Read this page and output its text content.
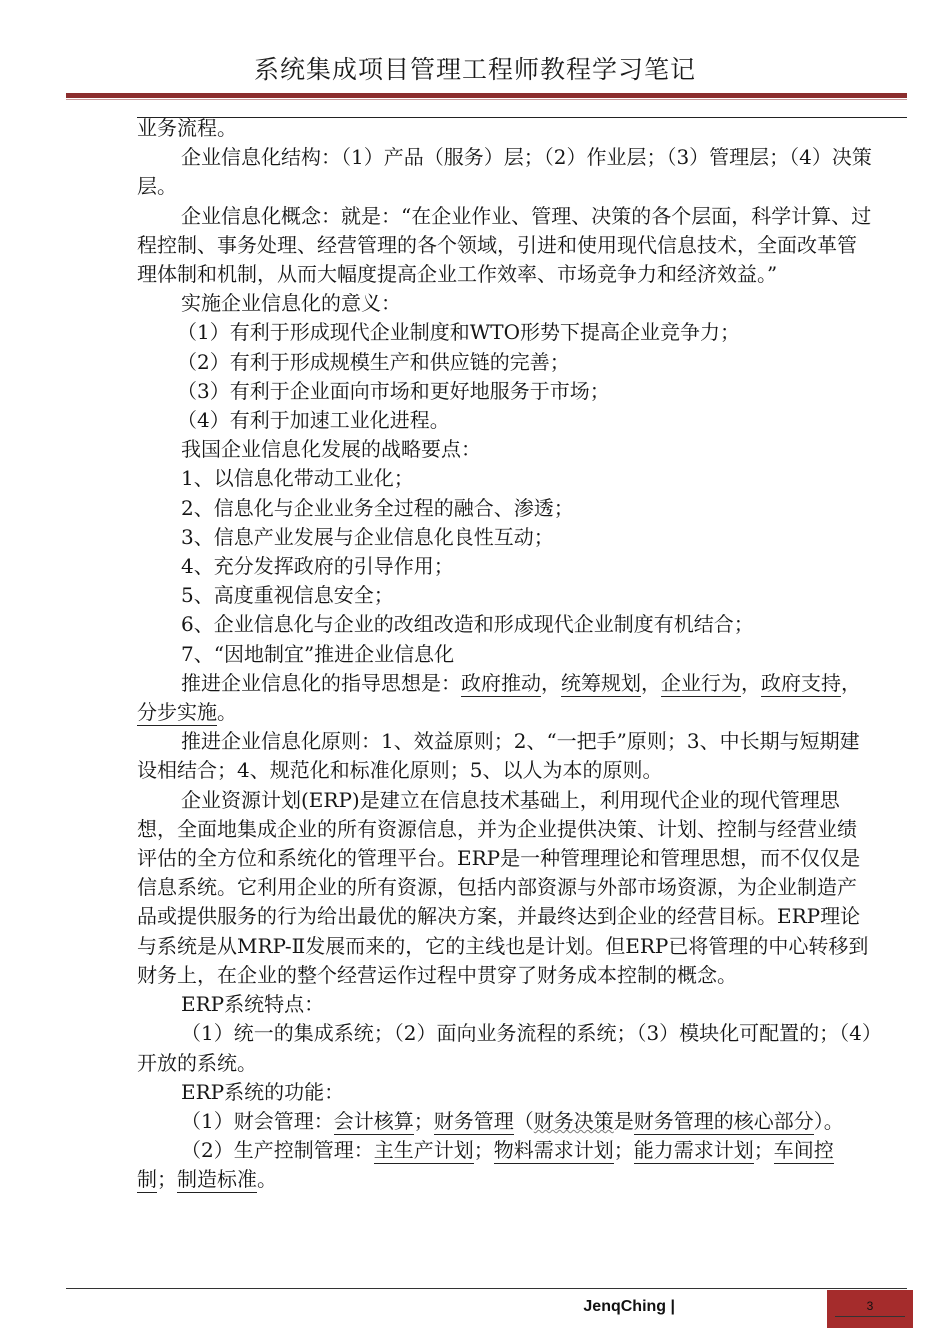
系统集成项目管理工程师教程学习笔记

业务流程。

企业信息化结构：（1）产品（服务）层；（2）作业层；（3）管理层；（4）决策层。

企业信息化概念：就是：“在企业作业、管理、决策的各个层面，科学计算、过程控制、事务处理、经营管理的各个领域，引进和使用现代信息技术，全面改革管理体制和机制，从而大幅度提高企业工作效率、市场竞争力和经济效益。”

实施企业信息化的意义：

（1）有利于形成现代企业制度和WTO形势下提高企业竞争力；

（2）有利于形成规模生产和供应链的完善；

（3）有利于企业面向市场和更好地服务于市场；

（4）有利于加速工业化进程。

我国企业信息化发展的战略要点：

1、以信息化带动工业化；

2、信息化与企业业务全过程的融合、渗透；

3、信息产业发展与企业信息化良性互动；

4、充分发挥政府的引导作用；

5、高度重视信息安全；

6、企业信息化与企业的改组改造和形成现代企业制度有机结合；

7、“因地制宜”推进企业信息化

推进企业信息化的指导思想是：政府推动，统筹规划，企业行为，政府支持，分步实施。

推进企业信息化原则：1、效益原则；2、“一把手”原则；3、中长期与短期建设相结合；4、规范化和标准化原则；5、以人为本的原则。

企业资源计划(ERP)是建立在信息技术基础上，利用现代企业的现代管理思想，全面地集成企业的所有资源信息，并为企业提供决策、计划、控制与经营业绩评估的全方位和系统化的管理平台。ERP是一种管理理论和管理思想，而不仅仅是信息系统。它利用企业的所有资源，包括内部资源与外部市场资源，为企业制造产品或提供服务的行为给出最优的解决方案，并最终达到企业的经营目标。ERP理论与系统是从MRP-Ⅱ发展而来的，它的主线也是计划。但ERP已将管理的中心转移到财务上，在企业的整个经营运作过程中贯穿了财务成本控制的概念。

ERP系统特点：

（1）统一的集成系统；（2）面向业务流程的系统；（3）模块化可配置的；（4）开放的系统。

ERP系统的功能：

（1）财会管理：会计核算；财务管理（财务决策是财务管理的核心部分）。

（2）生产控制管理：主生产计划；物料需求计划；能力需求计划；车间控制；制造标准。

JenqChing |	3
